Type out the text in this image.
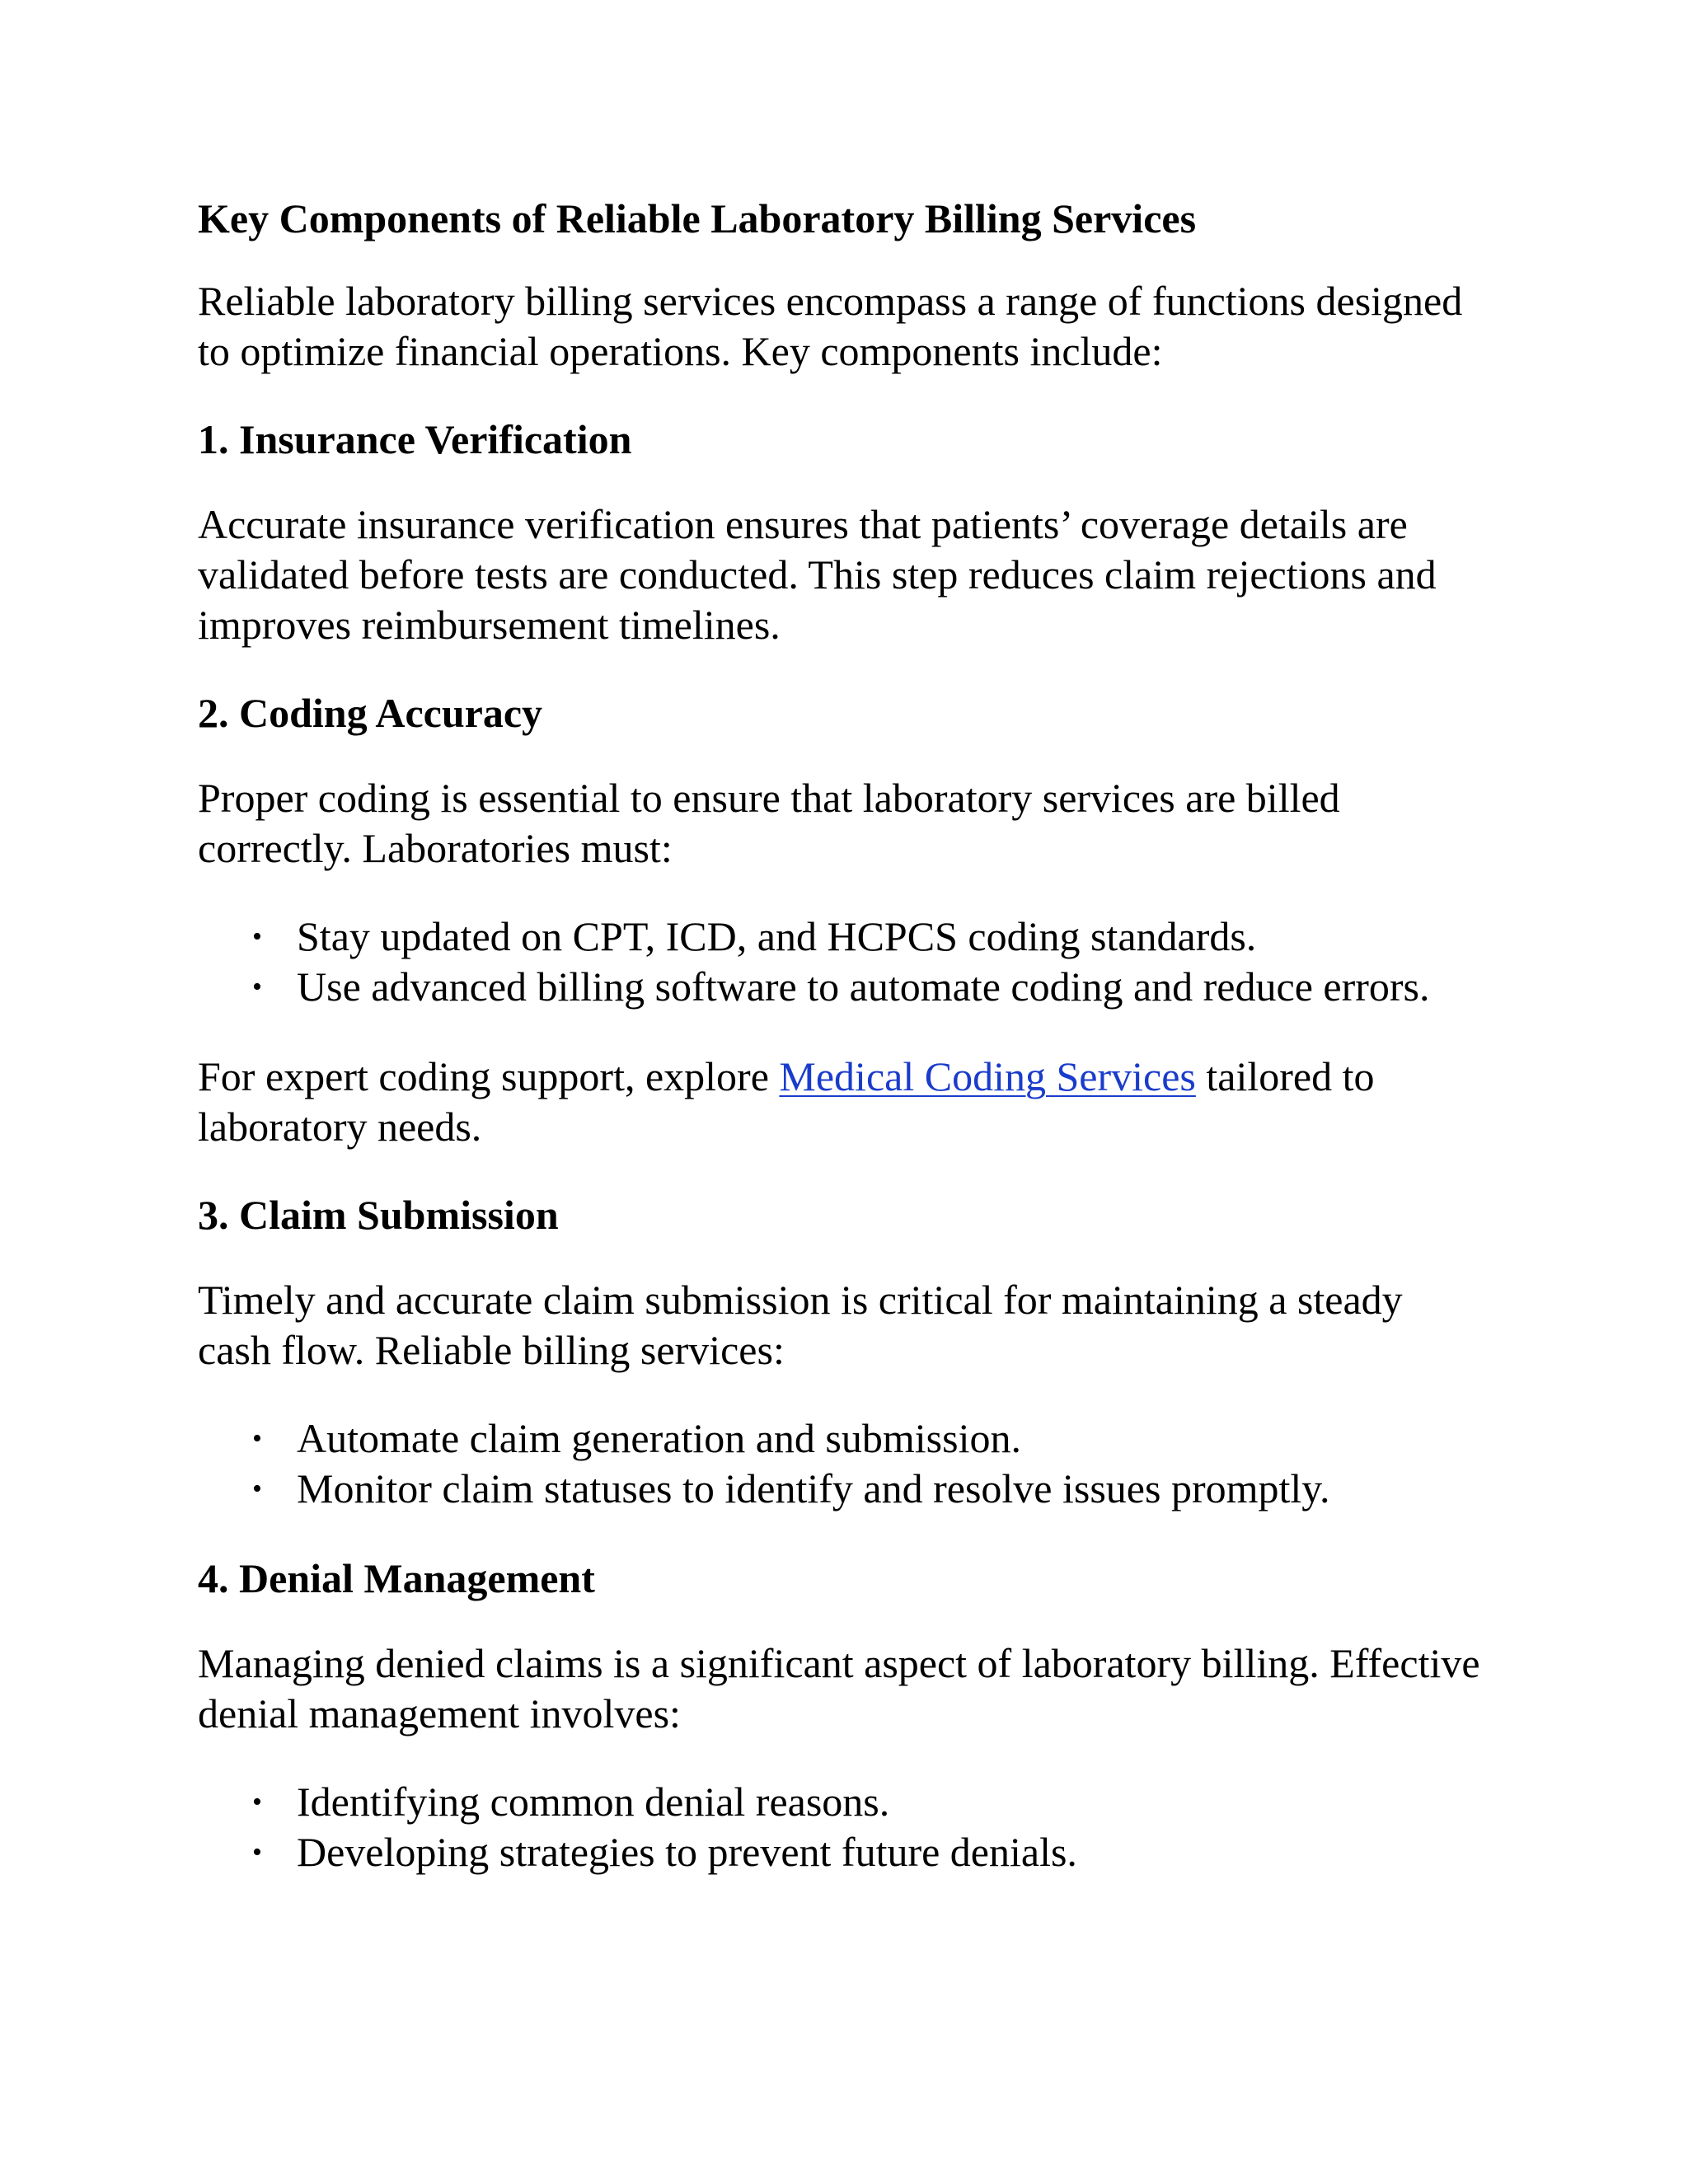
Key Components of Reliable Laboratory Billing Services

Reliable laboratory billing services encompass a range of functions designed to optimize financial operations. Key components include:

1. Insurance Verification

Accurate insurance verification ensures that patients’ coverage details are validated before tests are conducted. This step reduces claim rejections and improves reimbursement timelines.

2. Coding Accuracy

Proper coding is essential to ensure that laboratory services are billed correctly. Laboratories must:

• Stay updated on CPT, ICD, and HCPCS coding standards.
• Use advanced billing software to automate coding and reduce errors.

For expert coding support, explore Medical Coding Services tailored to laboratory needs.

3. Claim Submission

Timely and accurate claim submission is critical for maintaining a steady cash flow. Reliable billing services:

• Automate claim generation and submission.
• Monitor claim statuses to identify and resolve issues promptly.
4. Denial Management

Managing denied claims is a significant aspect of laboratory billing. Effective denial management involves:

• Identifying common denial reasons.
• Developing strategies to prevent future denials.
